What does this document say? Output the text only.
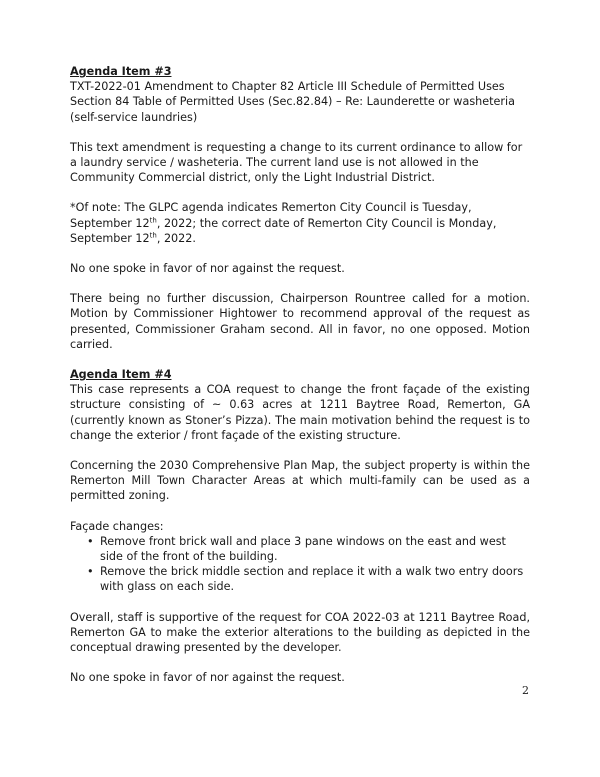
Agenda Item #3

TXT-2022-01 Amendment to Chapter 82 Article III Schedule of Permitted Uses Section 84 Table of Permitted Uses (Sec.82.84) – Re: Launderette or washeteria (self-service laundries)

This text amendment is requesting a change to its current ordinance to allow for a laundry service / washeteria. The current land use is not allowed in the Community Commercial district, only the Light Industrial District.

*Of note: The GLPC agenda indicates Remerton City Council is Tuesday, September 12th, 2022; the correct date of Remerton City Council is Monday, September 12th, 2022.

No one spoke in favor of nor against the request.

There being no further discussion, Chairperson Rountree called for a motion. Motion by Commissioner Hightower to recommend approval of the request as presented, Commissioner Graham second. All in favor, no one opposed. Motion carried.

Agenda Item #4

This case represents a COA request to change the front façade of the existing structure consisting of ~ 0.63 acres at 1211 Baytree Road, Remerton, GA (currently known as Stoner’s Pizza). The main motivation behind the request is to change the exterior / front façade of the existing structure.

Concerning the 2030 Comprehensive Plan Map, the subject property is within the Remerton Mill Town Character Areas at which multi-family can be used as a permitted zoning.

Façade changes:

• Remove front brick wall and place 3 pane windows on the east and west side of the front of the building.
• Remove the brick middle section and replace it with a walk two entry doors with glass on each side.

Overall, staff is supportive of the request for COA 2022-03 at 1211 Baytree Road, Remerton GA to make the exterior alterations to the building as depicted in the conceptual drawing presented by the developer.

No one spoke in favor of nor against the request.

2
